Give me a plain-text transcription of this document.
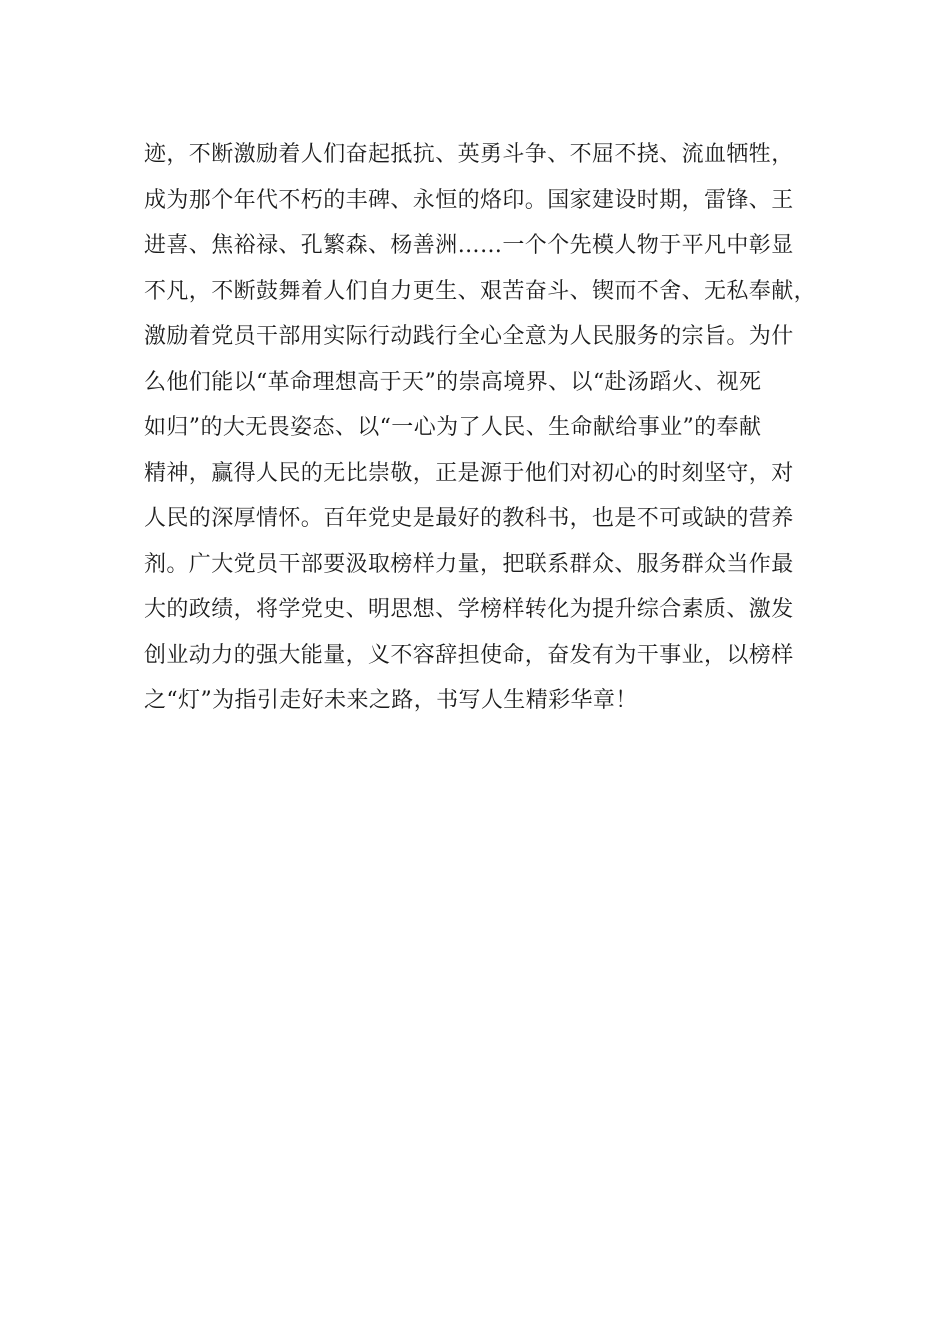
迹，不断激励着人们奋起抵抗、英勇斗争、不屈不挠、流血牺牲，
成为那个年代不朽的丰碑、永恒的烙印。国家建设时期，雷锋、王
进喜、焦裕禄、孔繁森、杨善洲……一个个先模人物于平凡中彰显
不凡，不断鼓舞着人们自力更生、艰苦奋斗、锲而不舍、无私奉献，
激励着党员干部用实际行动践行全心全意为人民服务的宗旨。为什
么他们能以“革命理想高于天”的崇高境界、以“赴汤蹈火、视死
如归”的大无畏姿态、以“一心为了人民、生命献给事业”的奉献
精神，赢得人民的无比崇敬，正是源于他们对初心的时刻坚守，对
人民的深厚情怀。百年党史是最好的教科书，也是不可或缺的营养
剂。广大党员干部要汲取榜样力量，把联系群众、服务群众当作最
大的政绩，将学党史、明思想、学榜样转化为提升综合素质、激发
创业动力的强大能量，义不容辞担使命，奋发有为干事业，以榜样
之“灯”为指引走好未来之路，书写人生精彩华章！
